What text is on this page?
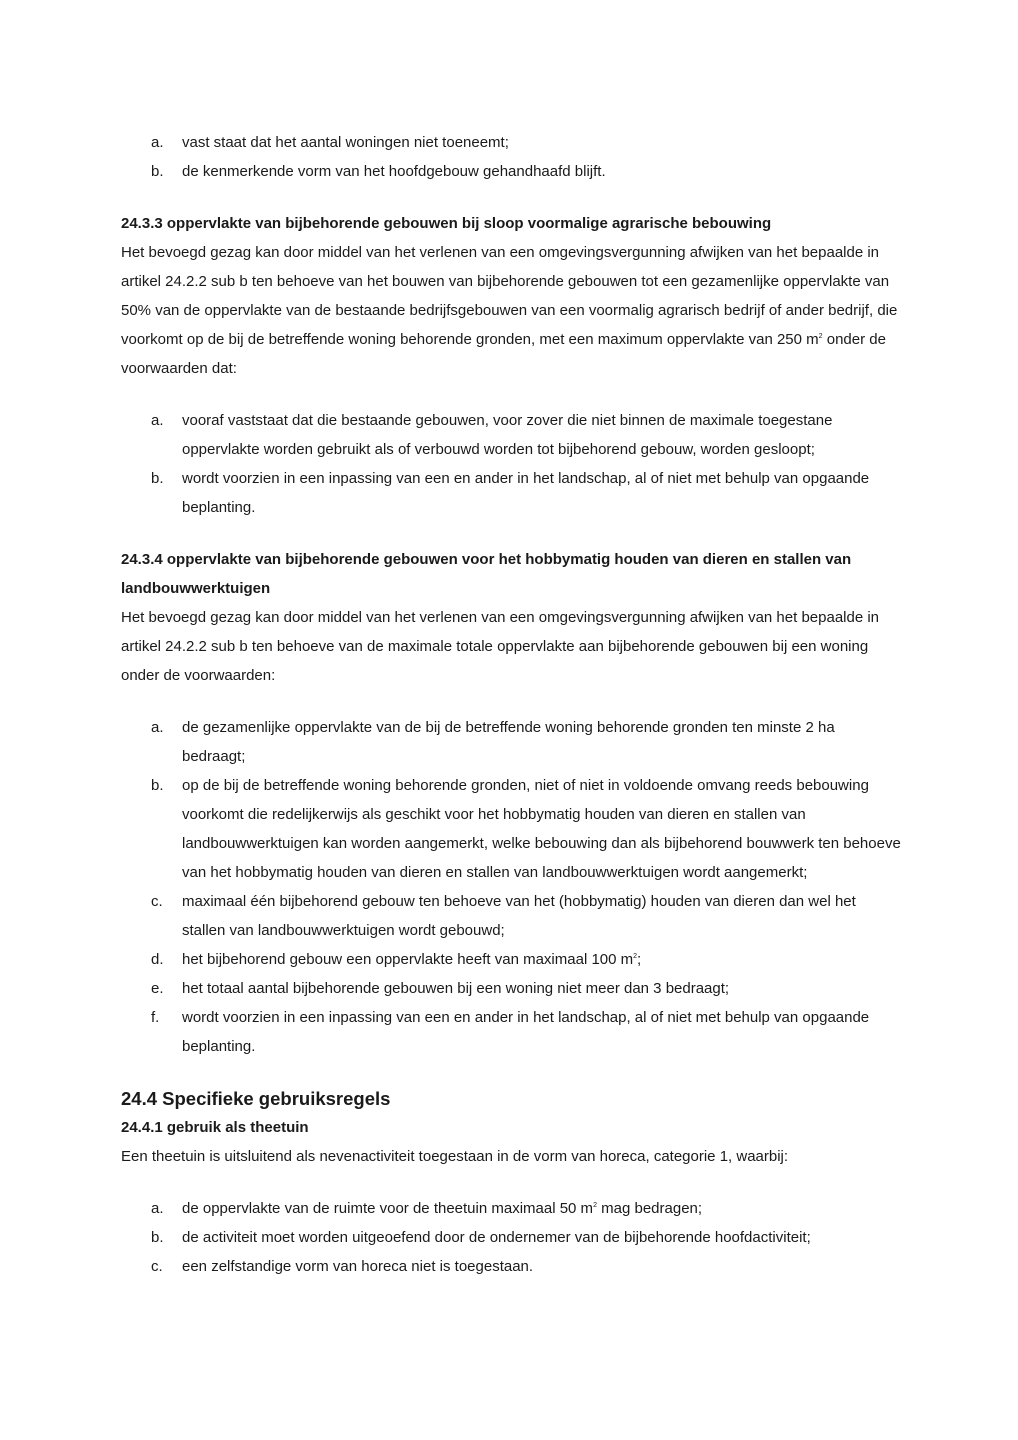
a.	vast staat dat het aantal woningen niet toeneemt;
b.	de kenmerkende vorm van het hoofdgebouw gehandhaafd blijft.

24.3.3 oppervlakte van bijbehorende gebouwen bij sloop voormalige agrarische bebouwing

Het bevoegd gezag kan door middel van het verlenen van een omgevingsvergunning afwijken van het bepaalde in artikel 24.2.2 sub b ten behoeve van het bouwen van bijbehorende gebouwen tot een gezamenlijke oppervlakte van 50% van de oppervlakte van de bestaande bedrijfsgebouwen van een voormalig agrarisch bedrijf of ander bedrijf, die voorkomt op de bij de betreffende woning behorende gronden, met een maximum oppervlakte van 250 $m^2$ onder de voorwaarden dat:

a.	vooraf vaststaat dat die bestaande gebouwen, voor zover die niet binnen de maximale toegestane oppervlakte worden gebruikt als of verbouwd worden tot bijbehorend gebouw, worden gesloopt;
b.	wordt voorzien in een inpassing van een en ander in het landschap, al of niet met behulp van opgaande beplanting.

24.3.4 oppervlakte van bijbehorende gebouwen voor het hobbymatig houden van dieren en stallen van landbouwwerktuigen

Het bevoegd gezag kan door middel van het verlenen van een omgevingsvergunning afwijken van het bepaalde in artikel 24.2.2 sub b ten behoeve van de maximale totale oppervlakte aan bijbehorende gebouwen bij een woning onder de voorwaarden:

a.	de gezamenlijke oppervlakte van de bij de betreffende woning behorende gronden ten minste 2 ha bedraagt;
b.	op de bij de betreffende woning behorende gronden, niet of niet in voldoende omvang reeds bebouwing voorkomt die redelijkerwijs als geschikt voor het hobbymatig houden van dieren en stallen van landbouwwerktuigen kan worden aangemerkt, welke bebouwing dan als bijbehorend bouwwerk ten behoeve van het hobbymatig houden van dieren en stallen van landbouwwerktuigen wordt aangemerkt;
c.	maximaal één bijbehorend gebouw ten behoeve van het (hobbymatig) houden van dieren dan wel het stallen van landbouwwerktuigen wordt gebouwd;
d.	het bijbehorend gebouw een oppervlakte heeft van maximaal 100 $m^2$;
e.	het totaal aantal bijbehorende gebouwen bij een woning niet meer dan 3 bedraagt;
f.	wordt voorzien in een inpassing van een en ander in het landschap, al of niet met behulp van opgaande beplanting.

24.4 Specifieke gebruiksregels

24.4.1 gebruik als theetuin

Een theetuin is uitsluitend als nevenactiviteit toegestaan in de vorm van horeca, categorie 1, waarbij:

a.	de oppervlakte van de ruimte voor de theetuin maximaal 50 $m^2$ mag bedragen;
b.	de activiteit moet worden uitgeoefend door de ondernemer van de bijbehorende hoofdactiviteit;
c.	een zelfstandige vorm van horeca niet is toegestaan.
